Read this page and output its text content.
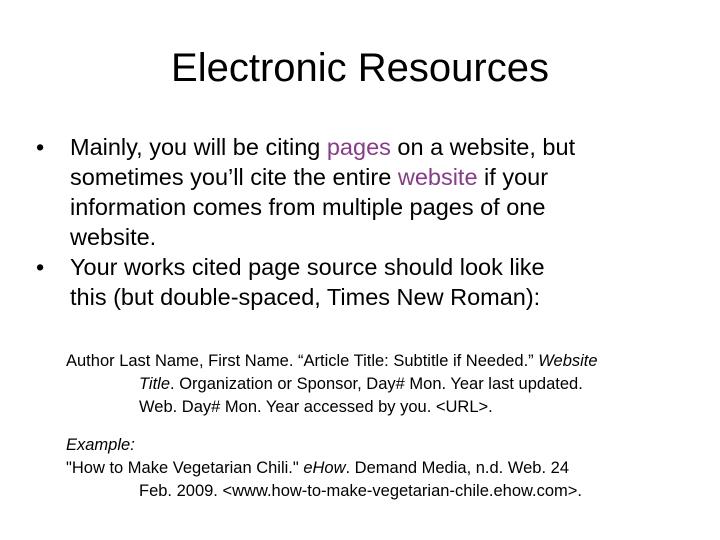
Electronic Resources
• Mainly, you will be citing pages on a website, but
sometimes you’ll cite the entire website if your
information comes from multiple pages of one
website.
• Your works cited page source should look like
this (but double-spaced, Times New Roman):
Author Last Name, First Name. “Article Title: Subtitle if Needed.” Website
Title. Organization or Sponsor, Day# Mon. Year last updated.
Web. Day# Mon. Year accessed by you. <URL>.
Example:
"How to Make Vegetarian Chili." eHow. Demand Media, n.d. Web. 24
Feb. 2009. <www.how-to-make-vegetarian-chile.ehow.com>.
